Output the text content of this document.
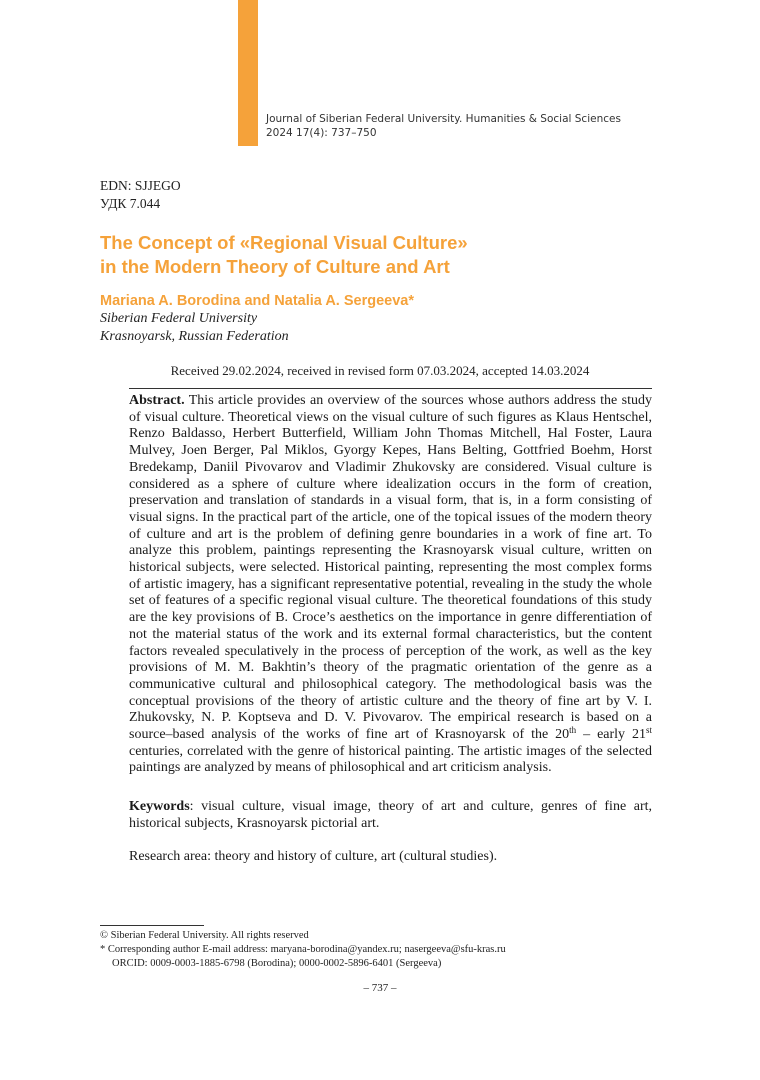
Journal of Siberian Federal University. Humanities & Social Sciences
2024 17(4): 737–750
EDN: SJJEGO
УДК 7.044
The Concept of «Regional Visual Culture»
in the Modern Theory of Culture and Art
Mariana A. Borodina and Natalia A. Sergeeva*
Siberian Federal University
Krasnoyarsk, Russian Federation
Received 29.02.2024, received in revised form 07.03.2024, accepted 14.03.2024

Abstract. This article provides an overview of the sources whose authors address the study of visual culture. Theoretical views on the visual culture of such figures as Klaus Hentschel, Renzo Baldasso, Herbert Butterfield, William John Thomas Mitchell, Hal Foster, Laura Mulvey, Joen Berger, Pal Miklos, Gyorgy Kepes, Hans Belting, Gottfried Boehm, Horst Bredekamp, Daniil Pivovarov and Vladimir Zhukovsky are considered. Visual culture is considered as a sphere of culture where idealization occurs in the form of creation, preservation and translation of standards in a visual form, that is, in a form consisting of visual signs. In the practical part of the article, one of the topical issues of the modern theory of culture and art is the problem of defining genre boundaries in a work of fine art. To analyze this problem, paintings representing the Krasnoyarsk visual culture, written on historical subjects, were selected. Historical painting, representing the most complex forms of artistic imagery, has a significant representative potential, revealing in the study the whole set of features of a specific regional visual culture. The theoretical foundations of this study are the key provisions of B. Croce’s aesthetics on the importance in genre differentiation of not the material status of the work and its external formal characteristics, but the content factors revealed speculatively in the process of perception of the work, as well as the key provisions of M. M. Bakhtin’s theory of the pragmatic orientation of the genre as a communicative cultural and philosophical category. The methodological basis was the conceptual provisions of the theory of artistic culture and the theory of fine art by V. I. Zhukovsky, N. P. Koptseva and D. V. Pivovarov. The empirical research is based on a source–based analysis of the works of fine art of Krasnoyarsk of the 20th – early 21st centuries, correlated with the genre of historical painting. The artistic images of the selected paintings are analyzed by means of philosophical and art criticism analysis.

Keywords: visual culture, visual image, theory of art and culture, genres of fine art, historical subjects, Krasnoyarsk pictorial art.

Research area: theory and history of culture, art (cultural studies).

© Siberian Federal University. All rights reserved
* Corresponding author E-mail address: maryana-borodina@yandex.ru; nasergeeva@sfu-kras.ru
ORCID: 0009-0003-1885-6798 (Borodina); 0000-0002-5896-6401 (Sergeeva)
– 737 –
